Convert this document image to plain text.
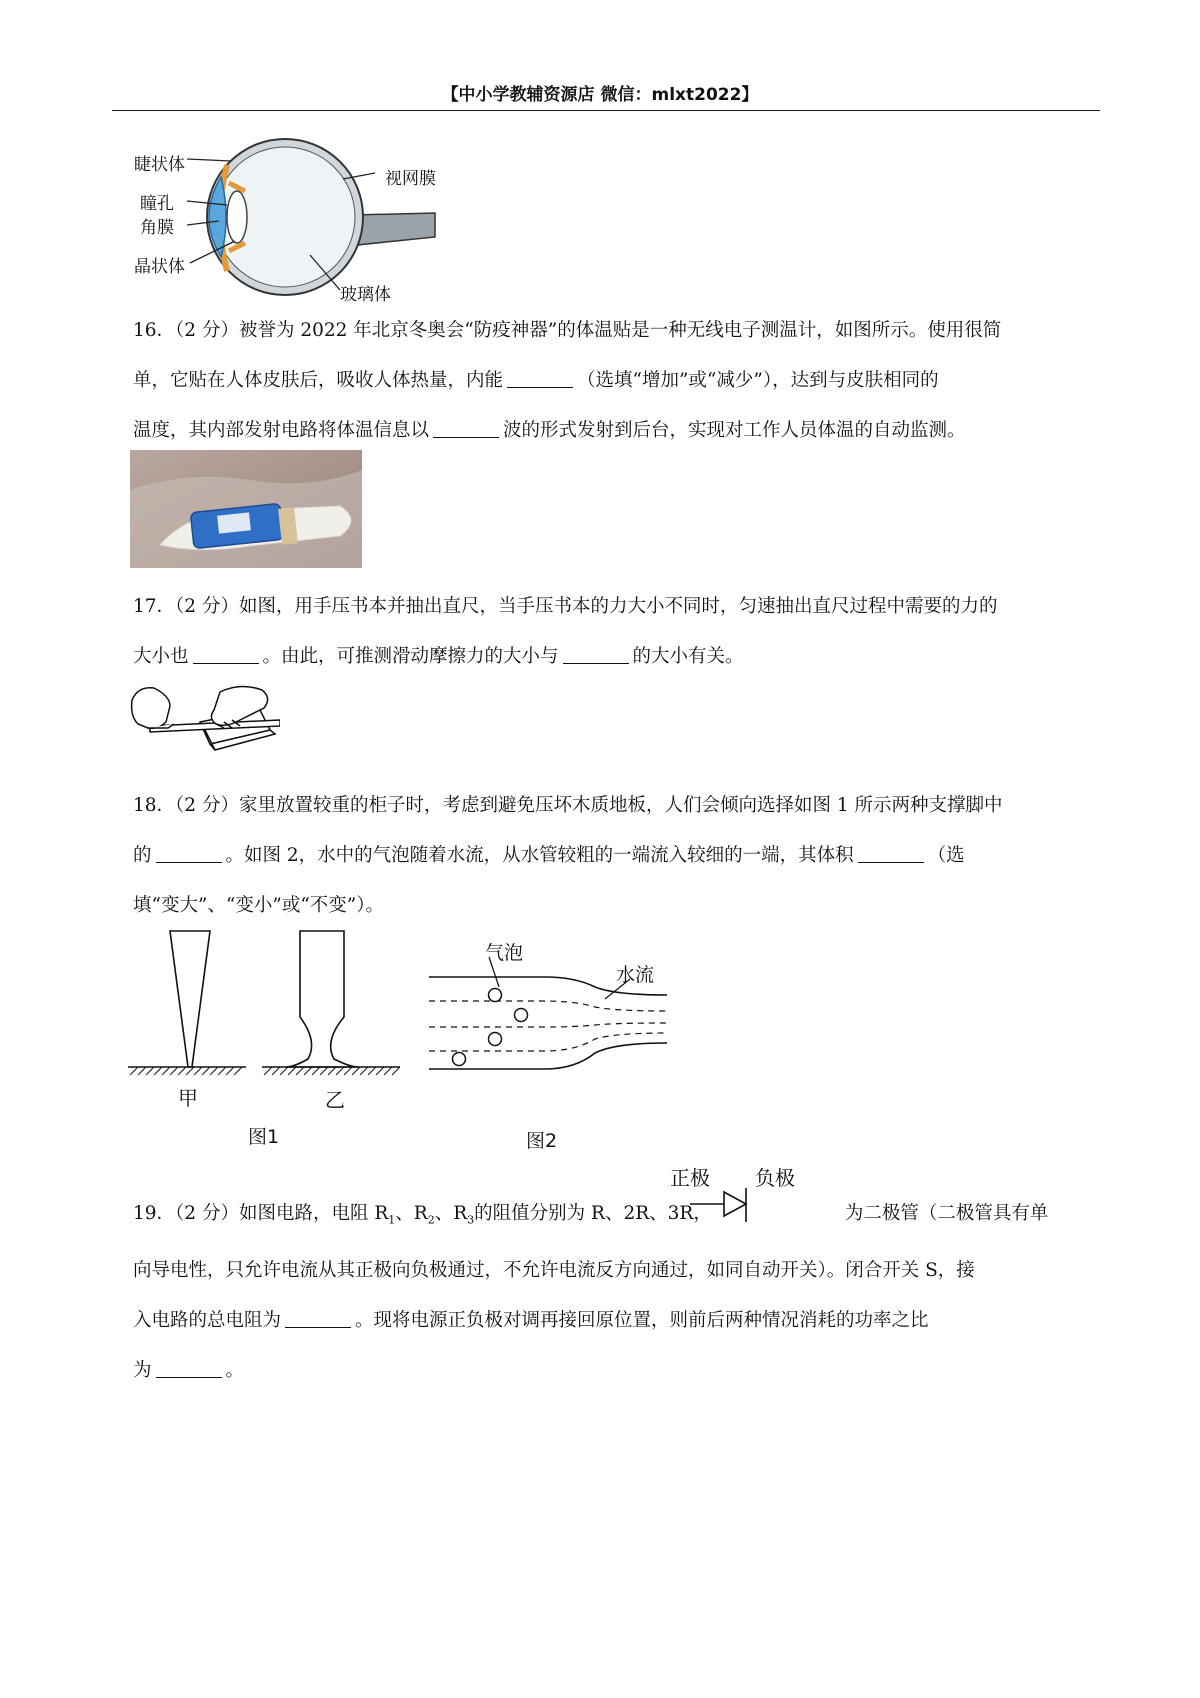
【中小学教辅资源店 微信：mlxt2022】
睫状体
瞳孔
角膜
晶状体
视网膜
玻璃体
16．（2 分）被誉为 2022 年北京冬奥会“防疫神器”的体温贴是一种无线电子测温计，如图所示。使用很简
单，它贴在人体皮肤后，吸收人体热量，内能	（选填“增加”或“减少”），达到与皮肤相同的
温度，其内部发射电路将体温信息以	波的形式发射到后台，实现对工作人员体温的自动监测。
17．（2 分）如图，用手压书本并抽出直尺，当手压书本的力大小不同时，匀速抽出直尺过程中需要的力的
大小也	。由此，可推测滑动摩擦力的大小与	的大小有关。
18．（2 分）家里放置较重的柜子时，考虑到避免压坏木质地板，人们会倾向选择如图 1 所示两种支撑脚中
的	。如图 2，水中的气泡随着水流，从水管较粗的一端流入较细的一端，其体积	（选
填“变大”、“变小”或“不变”）。
甲	乙
图1
气泡
水流
图2
正极 负极
19．（2 分）如图电路，电阻 $R_1$、$R_2$、$R_3$的阻值分别为 R、2R、3R，	为二极管（二极管具有单
向导电性，只允许电流从其正极向负极通过，不允许电流反方向通过，如同自动开关）。闭合开关 S，接
入电路的总电阻为	。现将电源正负极对调再接回原位置，则前后两种情况消耗的功率之比
为	。
